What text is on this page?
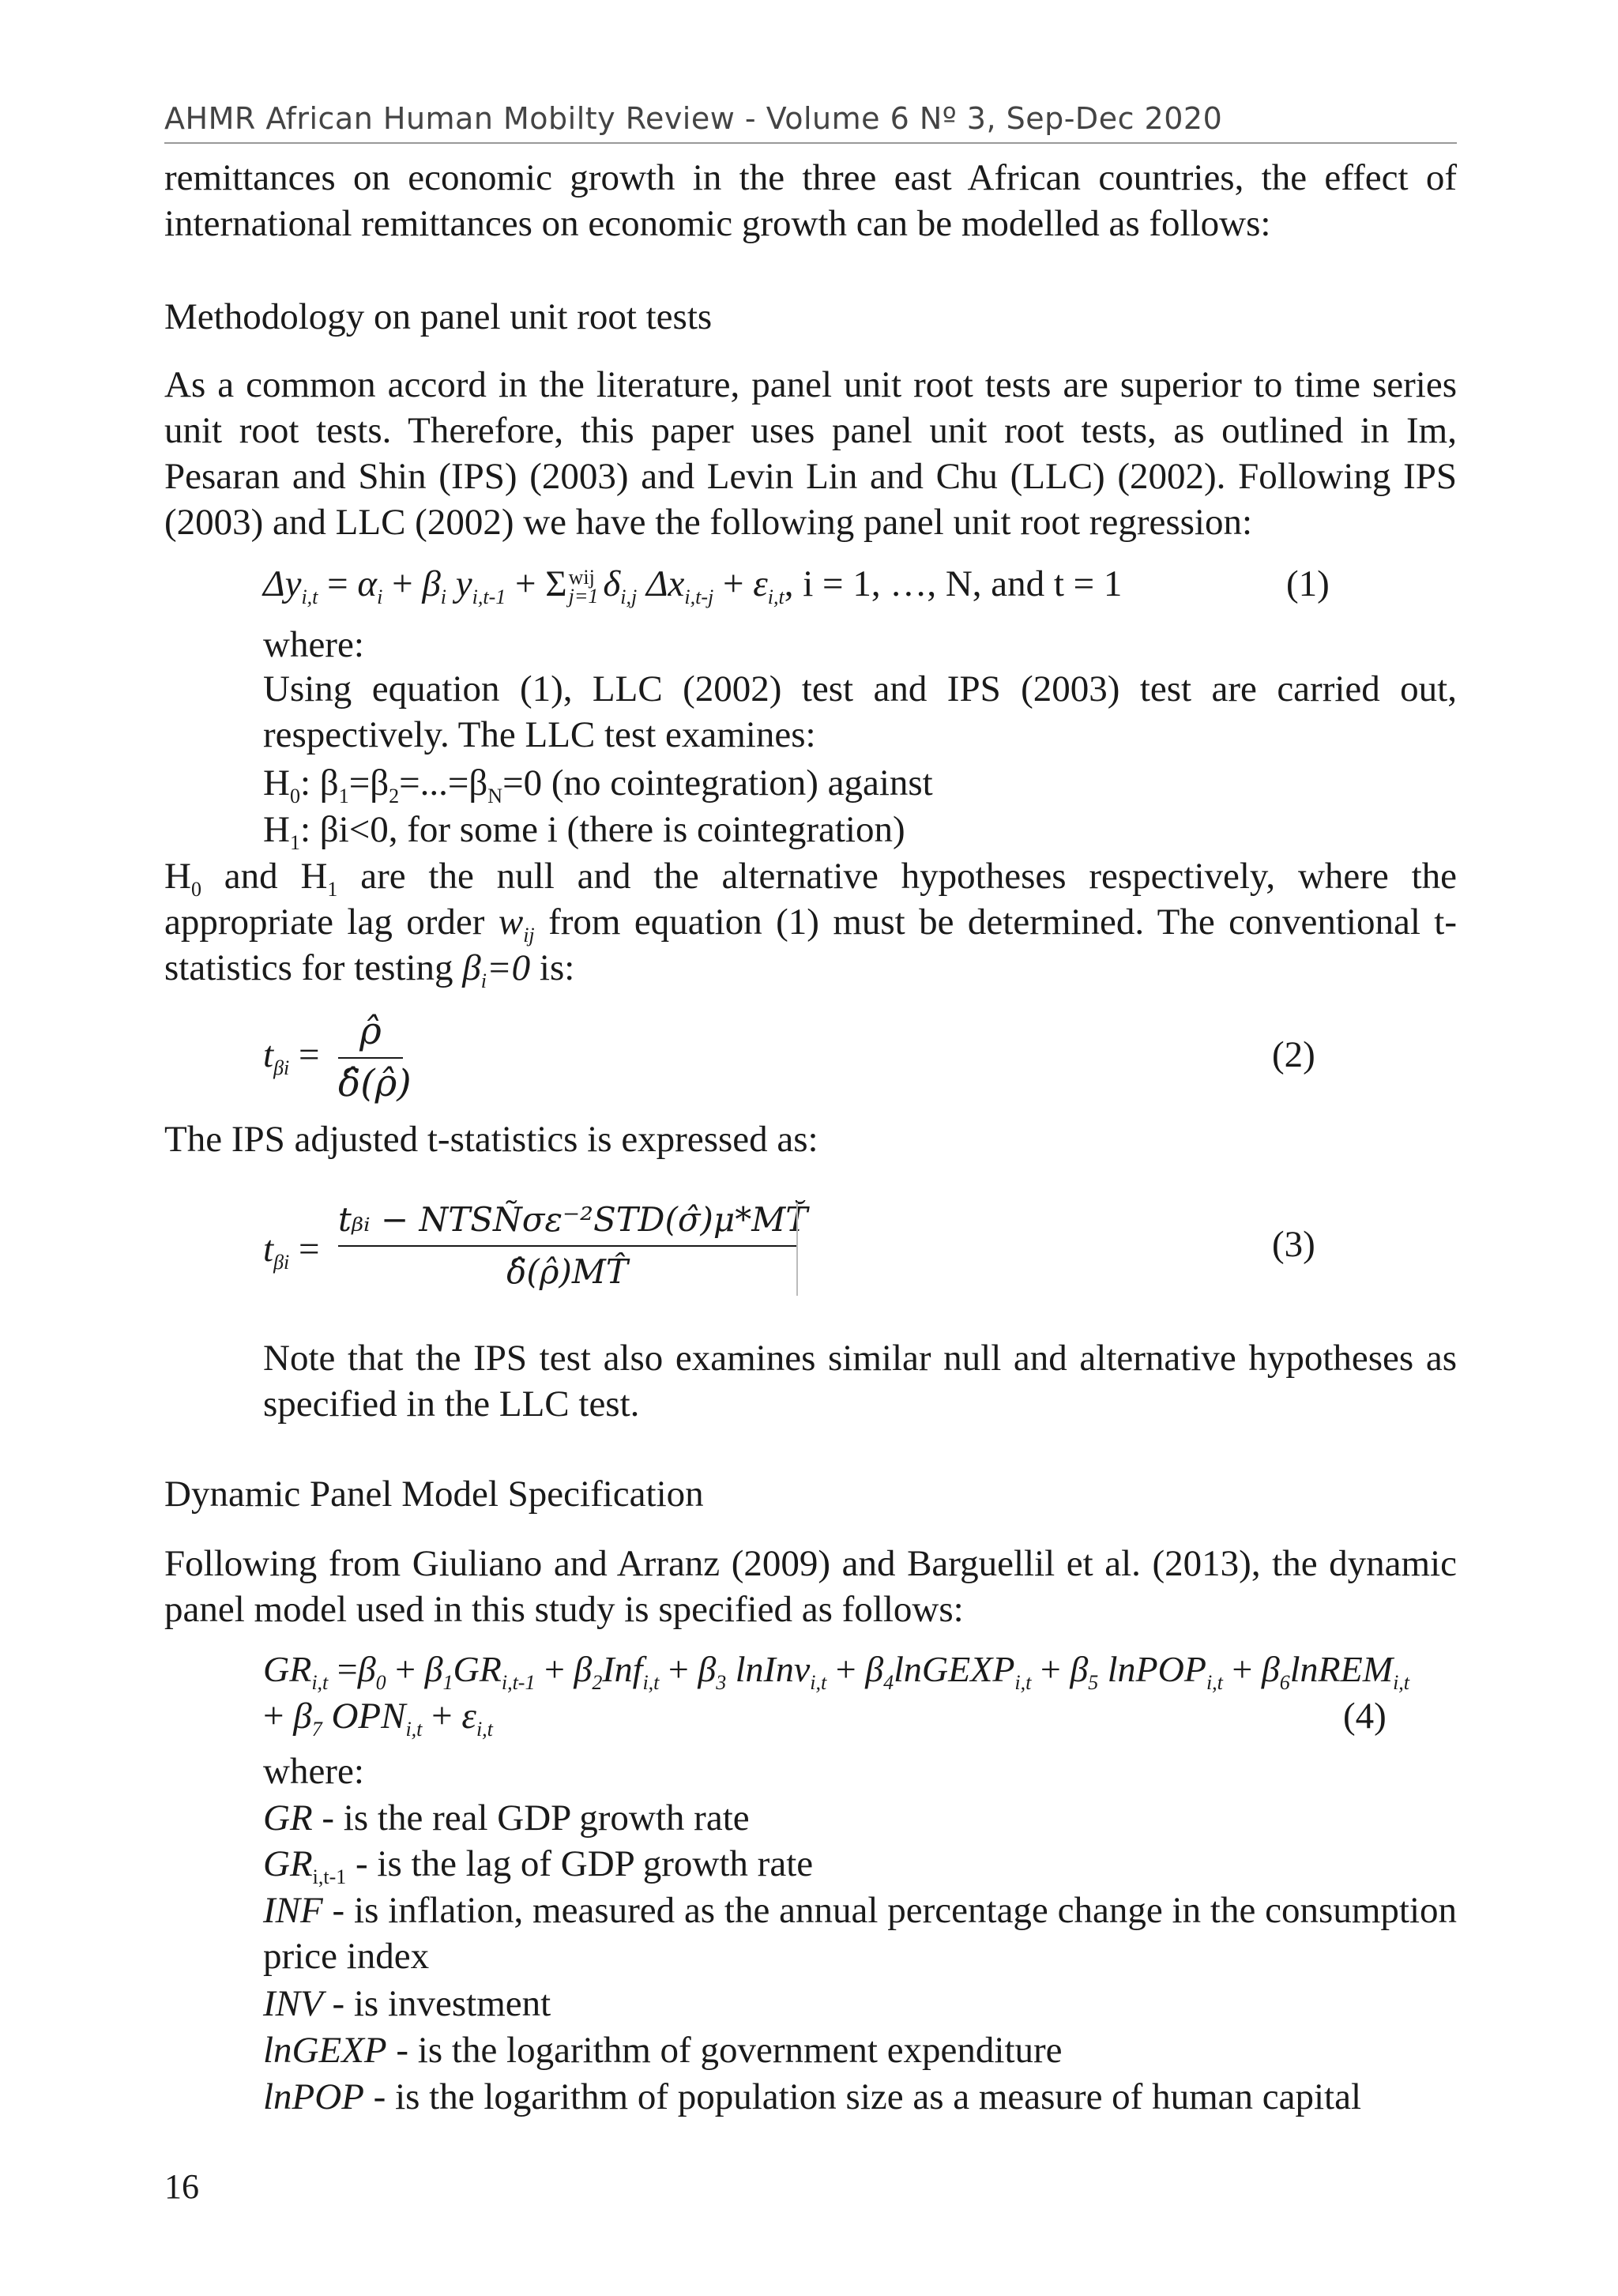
AHMR African Human Mobilty Review - Volume 6 Nº 3, Sep-Dec 2020

remittances on economic growth in the three east African countries, the effect of international remittances on economic growth can be modelled as follows:

Methodology on panel unit root tests

As a common accord in the literature, panel unit root tests are superior to time series unit root tests. Therefore, this paper uses panel unit root tests, as outlined in Im, Pesaran and Shin (IPS) (2003) and Levin Lin and Chu (LLC) (2002). Following IPS (2003) and LLC (2002) we have the following panel unit root regression:

$\Delta y_{i,t} = \alpha_i + \beta_i$ $y_{i,t-1} + \Sigma$ wij
j=1 $\delta_{i,j}$ $\Delta x_{i,t-j} + \varepsilon_{i,t}$, i = 1, …, N, and t = 1	(1)
where:

Using equation (1), LLC (2002) test and IPS (2003) test are carried out, respectively. The LLC test examines:

$H_0$: $\beta_1=\beta_2=...=\beta_N=0$ (no cointegration) against
$H_1$: βi<0, for some i (there is cointegration)

$H_0$ and $H_1$ are the null and the alternative hypotheses respectively, where the appropriate lag order $w_{ij}$ from equation (1) must be determined. The conventional t-statistics for testing $\beta_i=0$ is:

$t_{\beta i}$ =
ρ̂
δ̂(ρ̂)
(2)
The IPS adjusted t-statistics is expressed as:
$t_{\beta i}$ =
tᵦᵢ − NTSÑσε⁻²STD(σ̂)μ*MT̆
δ̂(ρ̂)MT̂
(3)

Note that the IPS test also examines similar null and alternative hypotheses as specified in the LLC test.

Dynamic Panel Model Specification

Following from Giuliano and Arranz (2009) and Barguellil et al. (2013), the dynamic panel model used in this study is specified as follows:

$GR_{i,t} =\beta_0 + \beta_1GR_{i,t-1} + \beta_2Inf_{i,t} + \beta_3$ lnInv$_{i,t}$ + $\beta_4lnGEXP_{i,t} + \beta_5$ lnPOP$_{i,t}$ + $\beta_6lnREM_{i,t}$
+ $\beta_7$ $OPN_{i,t} + \varepsilon_{i,t}$	(4)
where:
GR - is the real GDP growth rate
$GR_{i,t-1}$ - is the lag of GDP growth rate

INF - is inflation, measured as the annual percentage change in the consumption price index

INV - is investment
lnGEXP - is the logarithm of government expenditure
lnPOP - is the logarithm of population size as a measure of human capital
16
